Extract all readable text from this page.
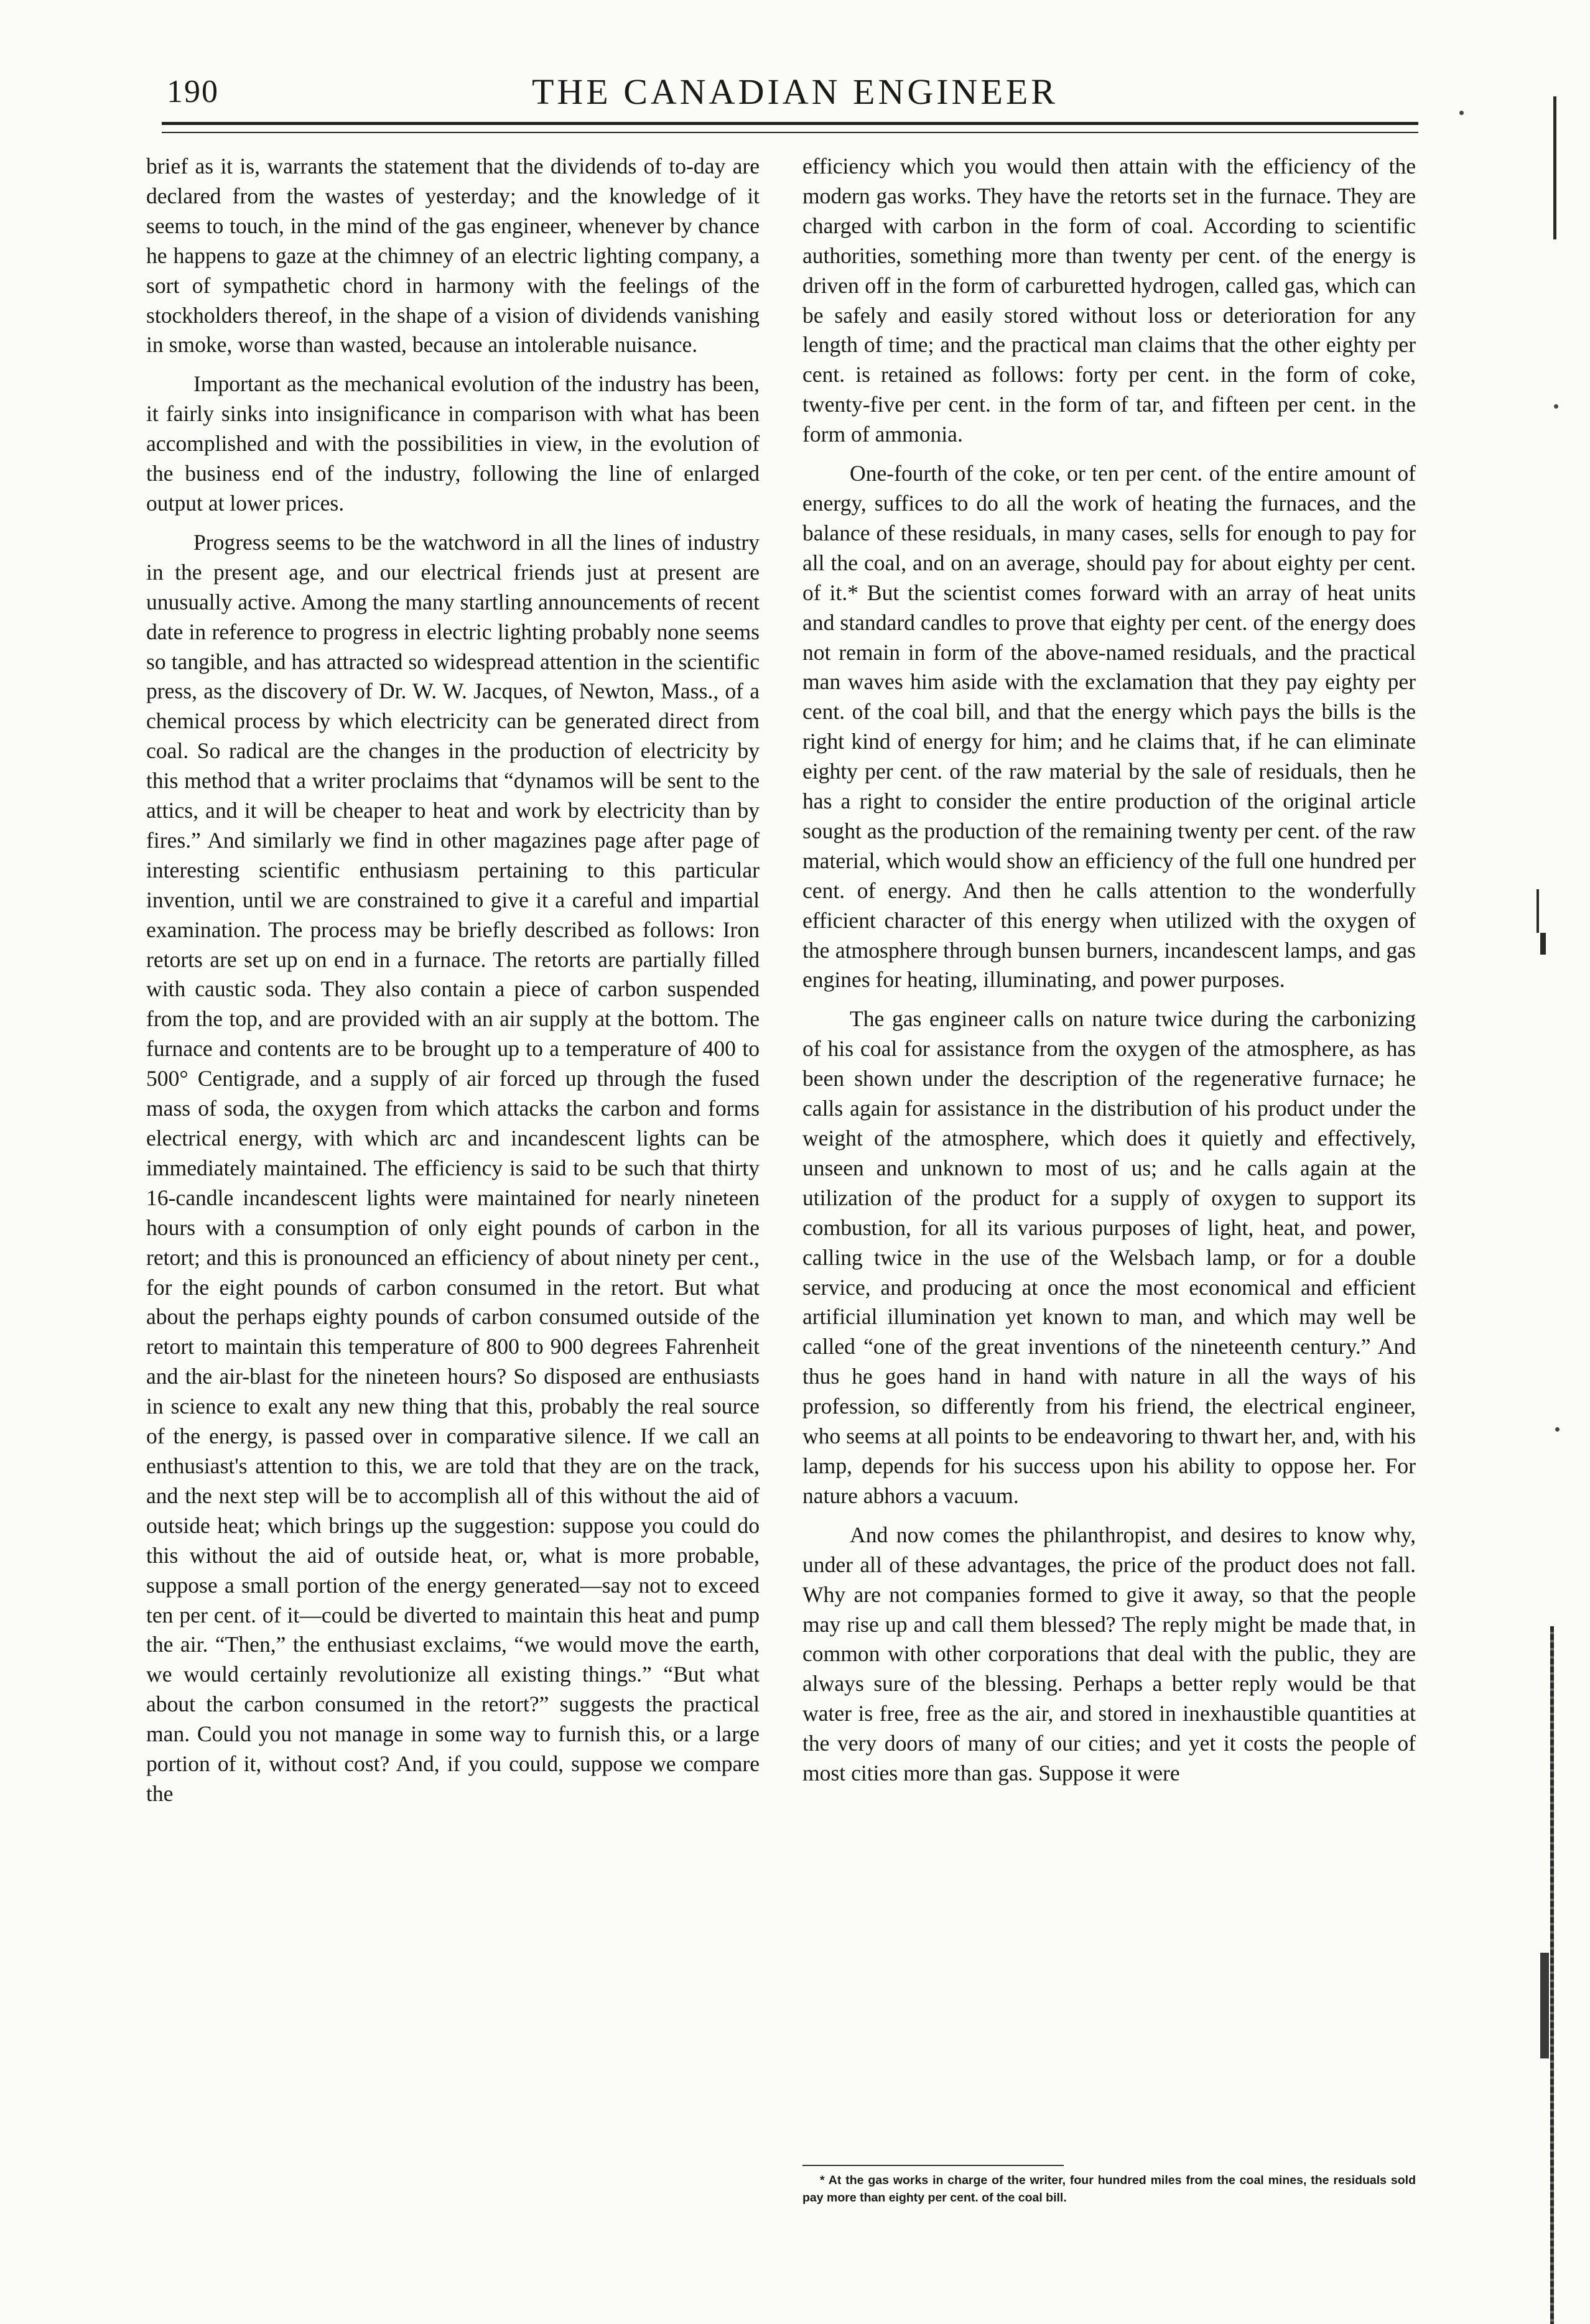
190	THE CANADIAN ENGINEER

brief as it is, warrants the statement that the dividends of to-day are declared from the wastes of yesterday; and the knowledge of it seems to touch, in the mind of the gas engineer, whenever by chance he happens to gaze at the chimney of an electric lighting company, a sort of sympathetic chord in harmony with the feelings of the stockholders thereof, in the shape of a vision of dividends vanishing in smoke, worse than wasted, because an intolerable nuisance.

Important as the mechanical evolution of the industry has been, it fairly sinks into insignificance in comparison with what has been accomplished and with the possibilities in view, in the evolution of the business end of the industry, following the line of enlarged output at lower prices.

Progress seems to be the watchword in all the lines of industry in the present age, and our electrical friends just at present are unusually active. Among the many startling announcements of recent date in reference to progress in electric lighting probably none seems so tangible, and has attracted so widespread attention in the scientific press, as the discovery of Dr. W. W. Jacques, of Newton, Mass., of a chemical process by which electricity can be generated direct from coal. So radical are the changes in the production of electricity by this method that a writer proclaims that “dynamos will be sent to the attics, and it will be cheaper to heat and work by electricity than by fires.” And similarly we find in other magazines page after page of interesting scientific enthusiasm pertaining to this particular invention, until we are constrained to give it a careful and impartial examination. The process may be briefly described as follows: Iron retorts are set up on end in a furnace. The retorts are partially filled with caustic soda. They also contain a piece of carbon suspended from the top, and are provided with an air supply at the bottom. The furnace and contents are to be brought up to a temperature of 400 to 500° Centigrade, and a supply of air forced up through the fused mass of soda, the oxygen from which attacks the carbon and forms electrical energy, with which arc and incandescent lights can be immediately maintained. The efficiency is said to be such that thirty 16-candle incandescent lights were maintained for nearly nineteen hours with a consumption of only eight pounds of carbon in the retort; and this is pronounced an efficiency of about ninety per cent., for the eight pounds of carbon consumed in the retort. But what about the perhaps eighty pounds of carbon consumed outside of the retort to maintain this temperature of 800 to 900 degrees Fahrenheit and the air-blast for the nineteen hours? So disposed are enthusiasts in science to exalt any new thing that this, probably the real source of the energy, is passed over in comparative silence. If we call an enthusiast's attention to this, we are told that they are on the track, and the next step will be to accomplish all of this without the aid of outside heat; which brings up the suggestion: suppose you could do this without the aid of outside heat, or, what is more probable, suppose a small portion of the energy generated—say not to exceed ten per cent. of it—could be diverted to maintain this heat and pump the air. “Then,” the enthusiast exclaims, “we would move the earth, we would certainly revolutionize all existing things.” “But what about the carbon consumed in the retort?” suggests the practical man. Could you not manage in some way to furnish this, or a large portion of it, without cost? And, if you could, suppose we compare the

efficiency which you would then attain with the efficiency of the modern gas works. They have the retorts set in the furnace. They are charged with carbon in the form of coal. According to scientific authorities, something more than twenty per cent. of the energy is driven off in the form of carburetted hydrogen, called gas, which can be safely and easily stored without loss or deterioration for any length of time; and the practical man claims that the other eighty per cent. is retained as follows: forty per cent. in the form of coke, twenty-five per cent. in the form of tar, and fifteen per cent. in the form of ammonia.

One-fourth of the coke, or ten per cent. of the entire amount of energy, suffices to do all the work of heating the furnaces, and the balance of these residuals, in many cases, sells for enough to pay for all the coal, and on an average, should pay for about eighty per cent. of it.* But the scientist comes forward with an array of heat units and standard candles to prove that eighty per cent. of the energy does not remain in form of the above-named residuals, and the practical man waves him aside with the exclamation that they pay eighty per cent. of the coal bill, and that the energy which pays the bills is the right kind of energy for him; and he claims that, if he can eliminate eighty per cent. of the raw material by the sale of residuals, then he has a right to consider the entire production of the original article sought as the production of the remaining twenty per cent. of the raw material, which would show an efficiency of the full one hundred per cent. of energy. And then he calls attention to the wonderfully efficient character of this energy when utilized with the oxygen of the atmosphere through bunsen burners, incandescent lamps, and gas engines for heating, illuminating, and power purposes.

The gas engineer calls on nature twice during the carbonizing of his coal for assistance from the oxygen of the atmosphere, as has been shown under the description of the regenerative furnace; he calls again for assistance in the distribution of his product under the weight of the atmosphere, which does it quietly and effectively, unseen and unknown to most of us; and he calls again at the utilization of the product for a supply of oxygen to support its combustion, for all its various purposes of light, heat, and power, calling twice in the use of the Welsbach lamp, or for a double service, and producing at once the most economical and efficient artificial illumination yet known to man, and which may well be called “one of the great inventions of the nineteenth century.” And thus he goes hand in hand with nature in all the ways of his profession, so differently from his friend, the electrical engineer, who seems at all points to be endeavoring to thwart her, and, with his lamp, depends for his success upon his ability to oppose her. For nature abhors a vacuum.

And now comes the philanthropist, and desires to know why, under all of these advantages, the price of the product does not fall. Why are not companies formed to give it away, so that the people may rise up and call them blessed? The reply might be made that, in common with other corporations that deal with the public, they are always sure of the blessing. Perhaps a better reply would be that water is free, free as the air, and stored in inexhaustible quantities at the very doors of many of our cities; and yet it costs the people of most cities more than gas. Suppose it were

* At the gas works in charge of the writer, four hundred miles from the coal mines, the residuals sold pay more than eighty per cent. of the coal bill.
